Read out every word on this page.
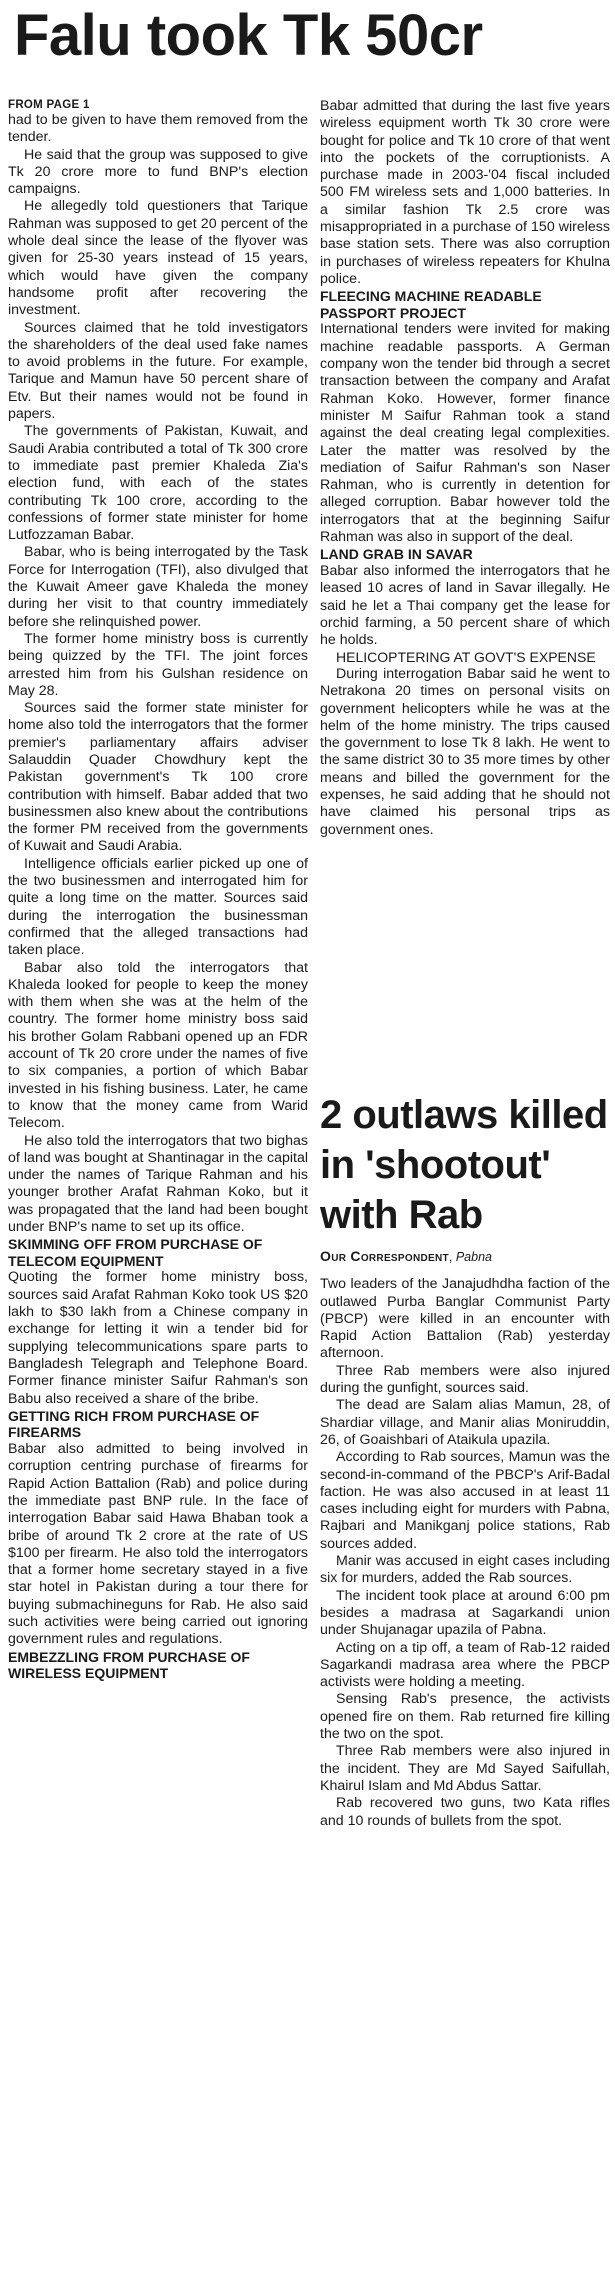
Falu took Tk 50cr
FROM PAGE 1

had to be given to have them removed from the tender.

He said that the group was supposed to give Tk 20 crore more to fund BNP's election campaigns.

He allegedly told questioners that Tarique Rahman was supposed to get 20 percent of the whole deal since the lease of the flyover was given for 25-30 years instead of 15 years, which would have given the company handsome profit after recovering the investment.

Sources claimed that he told investigators the shareholders of the deal used fake names to avoid problems in the future. For example, Tarique and Mamun have 50 percent share of Etv. But their names would not be found in papers.

The governments of Pakistan, Kuwait, and Saudi Arabia contributed a total of Tk 300 crore to immediate past premier Khaleda Zia's election fund, with each of the states contributing Tk 100 crore, according to the confessions of former state minister for home Lutfozzaman Babar.

Babar, who is being interrogated by the Task Force for Interrogation (TFI), also divulged that the Kuwait Ameer gave Khaleda the money during her visit to that country immediately before she relinquished power.

The former home ministry boss is currently being quizzed by the TFI. The joint forces arrested him from his Gulshan residence on May 28.

Sources said the former state minister for home also told the interrogators that the former premier's parliamentary affairs adviser Salauddin Quader Chowdhury kept the Pakistan government's Tk 100 crore contribution with himself. Babar added that two businessmen also knew about the contributions the former PM received from the governments of Kuwait and Saudi Arabia.

Intelligence officials earlier picked up one of the two businessmen and interrogated him for quite a long time on the matter. Sources said during the interrogation the businessman confirmed that the alleged transactions had taken place.

Babar also told the interrogators that Khaleda looked for people to keep the money with them when she was at the helm of the country. The former home ministry boss said his brother Golam Rabbani opened up an FDR account of Tk 20 crore under the names of five to six companies, a portion of which Babar invested in his fishing business. Later, he came to know that the money came from Warid Telecom.

He also told the interrogators that two bighas of land was bought at Shantinagar in the capital under the names of Tarique Rahman and his younger brother Arafat Rahman Koko, but it was propagated that the land had been bought under BNP's name to set up its office.

SKIMMING OFF FROM PURCHASE OF TELECOM EQUIPMENT

Quoting the former home ministry boss, sources said Arafat Rahman Koko took US $20 lakh to $30 lakh from a Chinese company in exchange for letting it win a tender bid for supplying telecommunications spare parts to Bangladesh Telegraph and Telephone Board. Former finance minister Saifur Rahman's son Babu also received a share of the bribe.

GETTING RICH FROM PURCHASE OF FIREARMS

Babar also admitted to being involved in corruption centring purchase of firearms for Rapid Action Battalion (Rab) and police during the immediate past BNP rule. In the face of interrogation Babar said Hawa Bhaban took a bribe of around Tk 2 crore at the rate of US $100 per firearm. He also told the interrogators that a former home secretary stayed in a five star hotel in Pakistan during a tour there for buying submachineguns for Rab. He also said such activities were being carried out ignoring government rules and regulations.

EMBEZZLING FROM PURCHASE OF WIRELESS EQUIPMENT

Babar admitted that during the last five years wireless equipment worth Tk 30 crore were bought for police and Tk 10 crore of that went into the pockets of the corruptionists. A purchase made in 2003-'04 fiscal included 500 FM wireless sets and 1,000 batteries. In a similar fashion Tk 2.5 crore was misappropriated in a purchase of 150 wireless base station sets. There was also corruption in purchases of wireless repeaters for Khulna police.

FLEECING MACHINE READABLE PASSPORT PROJECT

International tenders were invited for making machine readable passports. A German company won the tender bid through a secret transaction between the company and Arafat Rahman Koko. However, former finance minister M Saifur Rahman took a stand against the deal creating legal complexities. Later the matter was resolved by the mediation of Saifur Rahman's son Naser Rahman, who is currently in detention for alleged corruption. Babar however told the interrogators that at the beginning Saifur Rahman was also in support of the deal.

LAND GRAB IN SAVAR

Babar also informed the interrogators that he leased 10 acres of land in Savar illegally. He said he let a Thai company get the lease for orchid farming, a 50 percent share of which he holds.

HELICOPTERING AT GOVT'S EXPENSE

During interrogation Babar said he went to Netrakona 20 times on personal visits on government helicopters while he was at the helm of the home ministry. The trips caused the government to lose Tk 8 lakh. He went to the same district 30 to 35 more times by other means and billed the government for the expenses, he said adding that he should not have claimed his personal trips as government ones.

2 outlaws killed in 'shootout' with Rab
Our Correspondent, Pabna

Two leaders of the Janajudhdha faction of the outlawed Purba Banglar Communist Party (PBCP) were killed in an encounter with Rapid Action Battalion (Rab) yesterday afternoon.

Three Rab members were also injured during the gunfight, sources said.

The dead are Salam alias Mamun, 28, of Shardiar village, and Manir alias Moniruddin, 26, of Goaishbari of Ataikula upazila.

According to Rab sources, Mamun was the second-in-command of the PBCP's Arif-Badal faction. He was also accused in at least 11 cases including eight for murders with Pabna, Rajbari and Manikganj police stations, Rab sources added.

Manir was accused in eight cases including six for murders, added the Rab sources.

The incident took place at around 6:00 pm besides a madrasa at Sagarkandi union under Shujanagar upazila of Pabna.

Acting on a tip off, a team of Rab-12 raided Sagarkandi madrasa area where the PBCP activists were holding a meeting.

Sensing Rab's presence, the activists opened fire on them. Rab returned fire killing the two on the spot.

Three Rab members were also injured in the incident. They are Md Sayed Saifullah, Khairul Islam and Md Abdus Sattar.

Rab recovered two guns, two Kata rifles and 10 rounds of bullets from the spot.
